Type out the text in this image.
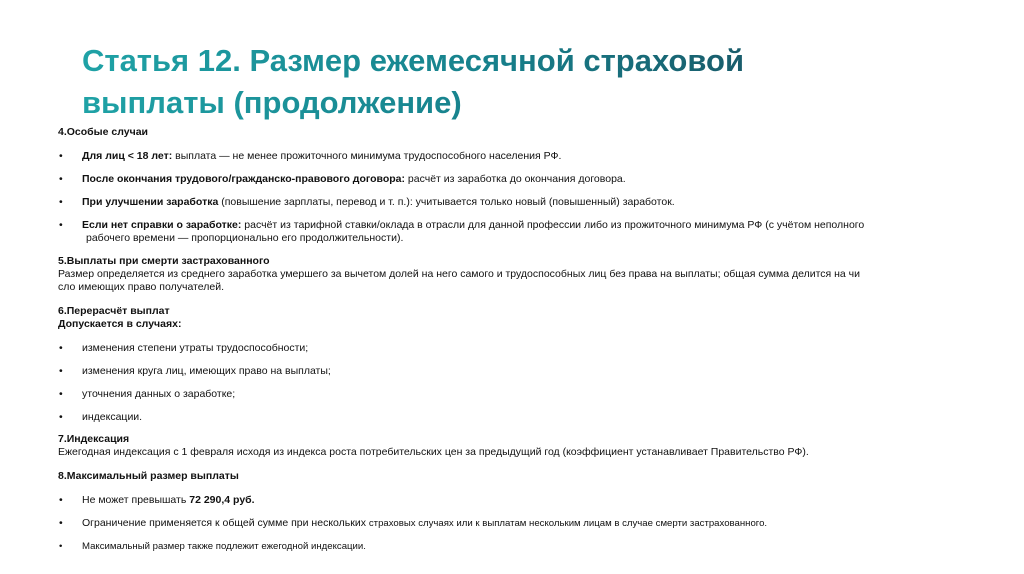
Статья 12. Размер ежемесячной страховой
выплаты (продолжение)
4.Особые случаи
•	Для лиц < 18 лет: выплата — не менее прожиточного минимума трудоспособного населения РФ.
•	После окончания трудового/гражданско-правового договора: расчёт из заработка до окончания договора.
•	При улучшении заработка (повышение зарплаты, перевод и т. п.): учитывается только новый (повышенный) заработок.
•	Если нет справки о заработке: расчёт из тарифной ставки/оклада в отрасли для данной профессии либо из прожиточного минимума РФ (с учётом неполного
рабочего времени — пропорционально его продолжительности).
5.Выплаты при смерти застрахованного
Размер определяется из среднего заработка умершего за вычетом долей на него самого и трудоспособных лиц без права на выплаты; общая сумма делится на чи
сло имеющих право получателей.
6.Перерасчёт выплат
Допускается в случаях:
•	изменения степени утраты трудоспособности;
•	изменения круга лиц, имеющих право на выплаты;
•	уточнения данных о заработке;
•	индексации.
7.Индексация
Ежегодная индексация с 1 февраля исходя из индекса роста потребительских цен за предыдущий год (коэффициент устанавливает Правительство РФ).
8.Максимальный размер выплаты
•	Не может превышать 72 290,4 руб.
•	Ограничение применяется к общей сумме при нескольких страховых случаях или к выплатам нескольким лицам в случае смерти застрахованного.
•	Максимальный размер также подлежит ежегодной индексации.
